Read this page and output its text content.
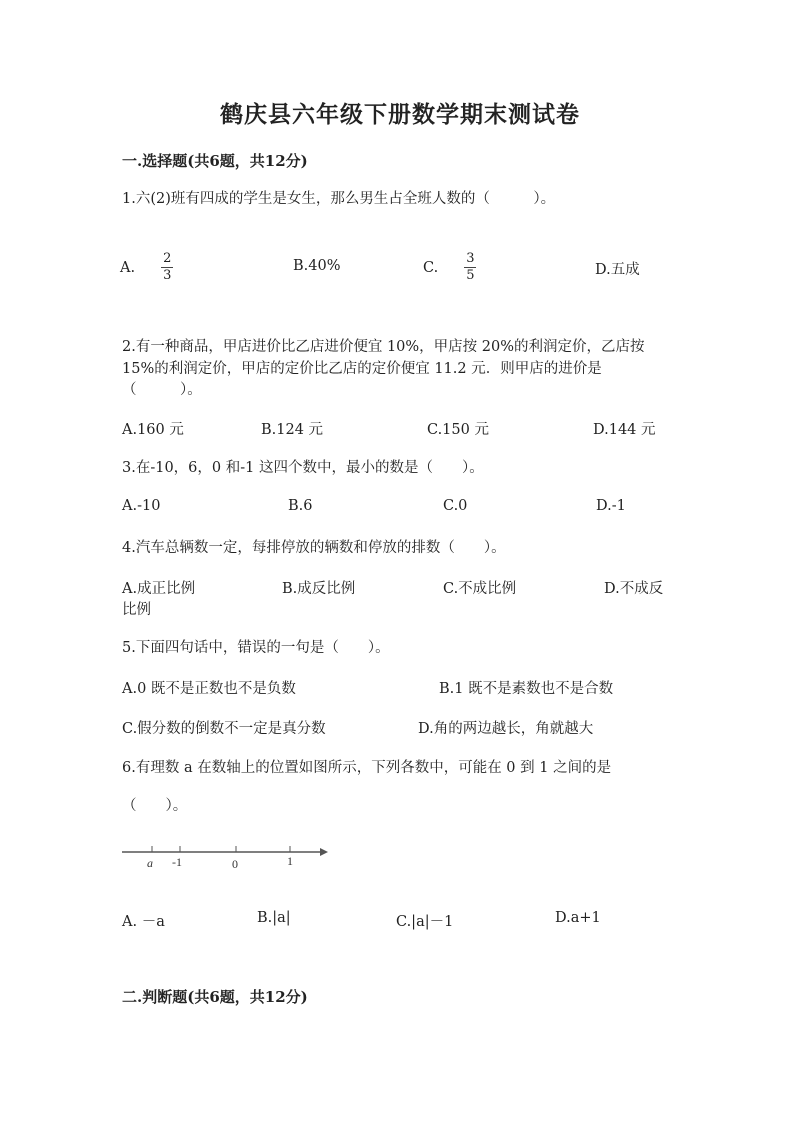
鹤庆县六年级下册数学期末测试卷
一.选择题(共6题，共12分)
1.六(2)班有四成的学生是女生，那么男生占全班人数的（　　　）。
A. $\frac{2}{3}$	B.40%	C. $\frac{3}{5}$	D.五成
2.有一种商品，甲店进价比乙店进价便宜 10%，甲店按 20%的利润定价，乙店按
15%的利润定价，甲店的定价比乙店的定价便宜 11.2 元．则甲店的进价是
（　　　）。
A.160 元	B.124 元	C.150 元	D.144 元
3.在-10，6，0 和-1 这四个数中，最小的数是（　　）。
A.-10	B.6	C.0	D.-1
4.汽车总辆数一定，每排停放的辆数和停放的排数（　　）。
A.成正比例	B.成反比例	C.不成比例	D.不成反
比例
5.下面四句话中，错误的一句是（　　）。
A.0 既不是正数也不是负数	B.1 既不是素数也不是合数
C.假分数的倒数不一定是真分数	D.角的两边越长，角就越大
6.有理数 a 在数轴上的位置如图所示，下列各数中，可能在 0 到 1 之间的是
（　　）。
a -1	0	1
A. －a	B.|a|	C.|a|－1	D.a+1
二.判断题(共6题，共12分)
